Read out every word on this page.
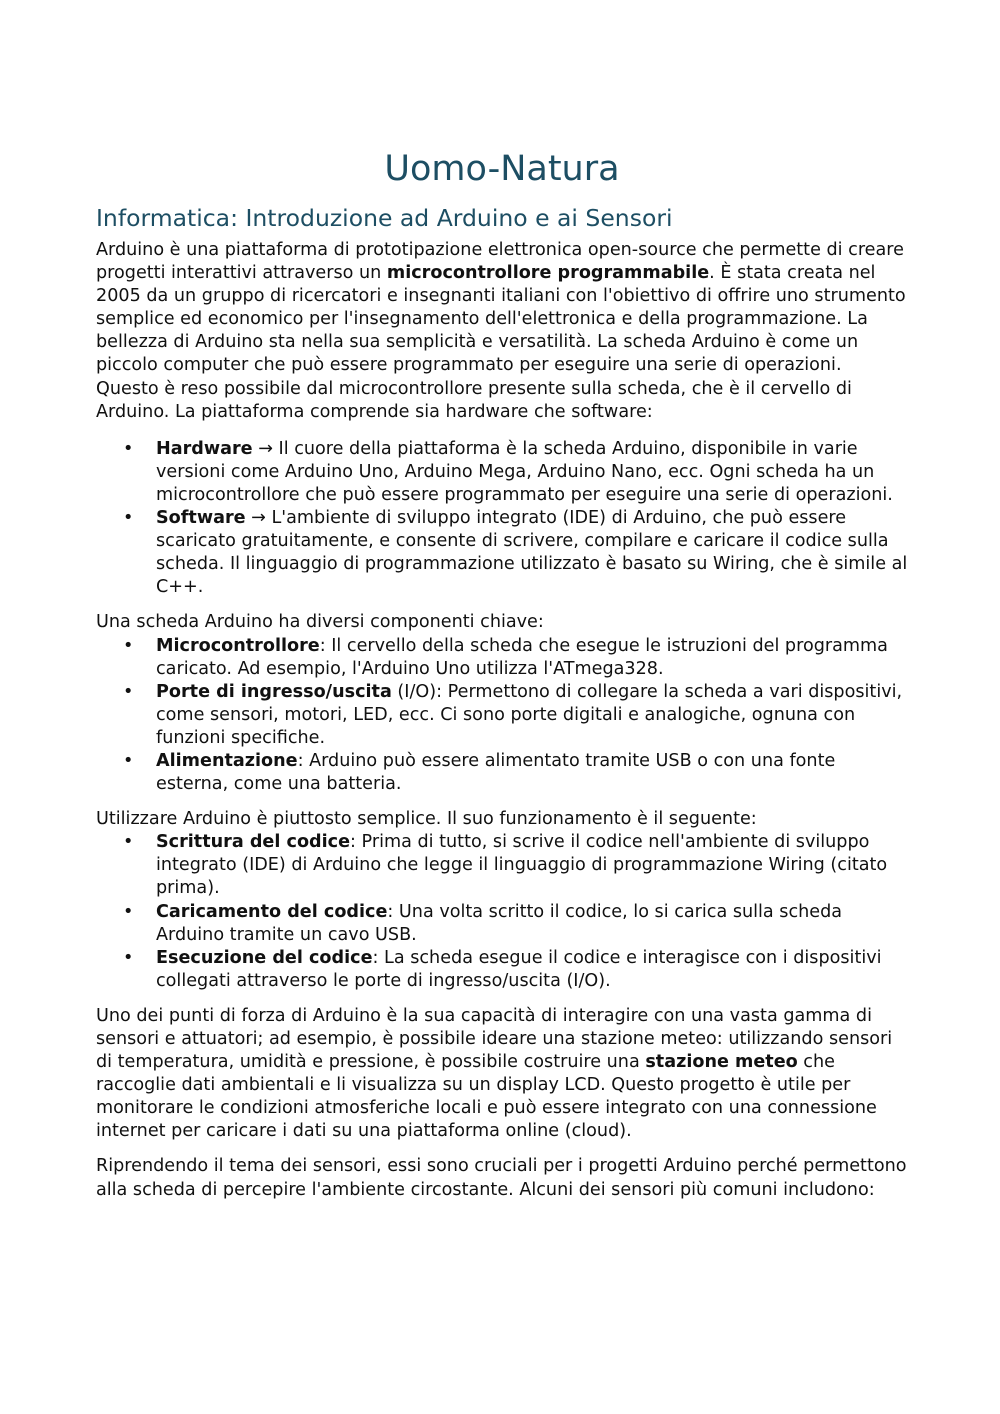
Uomo-Natura
Informatica: Introduzione ad Arduino e ai Sensori

Arduino è una piattaforma di prototipazione elettronica open-source che permette di creare progetti interattivi attraverso un microcontrollore programmabile. È stata creata nel 2005 da un gruppo di ricercatori e insegnanti italiani con l'obiettivo di offrire uno strumento semplice ed economico per l'insegnamento dell'elettronica e della programmazione. La bellezza di Arduino sta nella sua semplicità e versatilità. La scheda Arduino è come un piccolo computer che può essere programmato per eseguire una serie di operazioni. Questo è reso possibile dal microcontrollore presente sulla scheda, che è il cervello di Arduino. La piattaforma comprende sia hardware che software:

• Hardware → Il cuore della piattaforma è la scheda Arduino, disponibile in varie versioni come Arduino Uno, Arduino Mega, Arduino Nano, ecc. Ogni scheda ha un microcontrollore che può essere programmato per eseguire una serie di operazioni.
• Software → L'ambiente di sviluppo integrato (IDE) di Arduino, che può essere scaricato gratuitamente, e consente di scrivere, compilare e caricare il codice sulla scheda. Il linguaggio di programmazione utilizzato è basato su Wiring, che è simile al C++.

Una scheda Arduino ha diversi componenti chiave:

• Microcontrollore: Il cervello della scheda che esegue le istruzioni del programma caricato. Ad esempio, l'Arduino Uno utilizza l'ATmega328.
• Porte di ingresso/uscita (I/O): Permettono di collegare la scheda a vari dispositivi, come sensori, motori, LED, ecc. Ci sono porte digitali e analogiche, ognuna con funzioni specifiche.
• Alimentazione: Arduino può essere alimentato tramite USB o con una fonte esterna, come una batteria.

Utilizzare Arduino è piuttosto semplice. Il suo funzionamento è il seguente:

• Scrittura del codice: Prima di tutto, si scrive il codice nell'ambiente di sviluppo integrato (IDE) di Arduino che legge il linguaggio di programmazione Wiring (citato prima).
• Caricamento del codice: Una volta scritto il codice, lo si carica sulla scheda Arduino tramite un cavo USB.
• Esecuzione del codice: La scheda esegue il codice e interagisce con i dispositivi collegati attraverso le porte di ingresso/uscita (I/O).

Uno dei punti di forza di Arduino è la sua capacità di interagire con una vasta gamma di sensori e attuatori; ad esempio, è possibile ideare una stazione meteo: utilizzando sensori di temperatura, umidità e pressione, è possibile costruire una stazione meteo che raccoglie dati ambientali e li visualizza su un display LCD. Questo progetto è utile per monitorare le condizioni atmosferiche locali e può essere integrato con una connessione internet per caricare i dati su una piattaforma online (cloud).

Riprendendo il tema dei sensori, essi sono cruciali per i progetti Arduino perché permettono alla scheda di percepire l'ambiente circostante. Alcuni dei sensori più comuni includono:
